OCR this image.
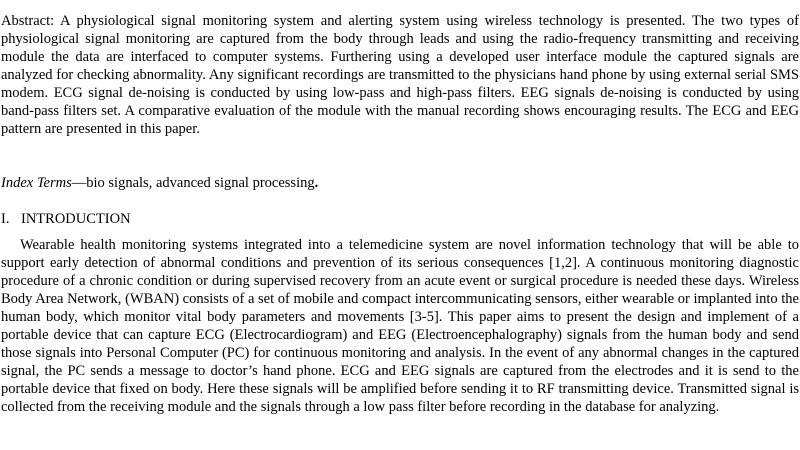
Abstract: A physiological signal monitoring system and alerting system using wireless technology is presented. The two types of physiological signal monitoring are captured from the body through leads and using the radio-frequency transmitting and receiving module the data are interfaced to computer systems. Furthering using a developed user interface module the captured signals are analyzed for checking abnormality. Any significant recordings are transmitted to the physicians hand phone by using external serial SMS modem. ECG signal de-noising is conducted by using low-pass and high-pass filters. EEG signals de-noising is conducted by using band-pass filters set. A comparative evaluation of the module with the manual recording shows encouraging results. The ECG and EEG pattern are presented in this paper.

Index Terms—bio signals, advanced signal processing.

I. INTRODUCTION

Wearable health monitoring systems integrated into a telemedicine system are novel information technology that will be able to support early detection of abnormal conditions and prevention of its serious consequences [1,2]. A continuous monitoring diagnostic procedure of a chronic condition or during supervised recovery from an acute event or surgical procedure is needed these days. Wireless Body Area Network, (WBAN) consists of a set of mobile and compact intercommunicating sensors, either wearable or implanted into the human body, which monitor vital body parameters and movements [3-5]. This paper aims to present the design and implement of a portable device that can capture ECG (Electrocardiogram) and EEG (Electroencephalography) signals from the human body and send those signals into Personal Computer (PC) for continuous monitoring and analysis. In the event of any abnormal changes in the captured signal, the PC sends a message to doctor’s hand phone. ECG and EEG signals are captured from the electrodes and it is send to the portable device that fixed on body. Here these signals will be amplified before sending it to RF transmitting device. Transmitted signal is collected from the receiving module and the signals through a low pass filter before recording in the database for analyzing.
